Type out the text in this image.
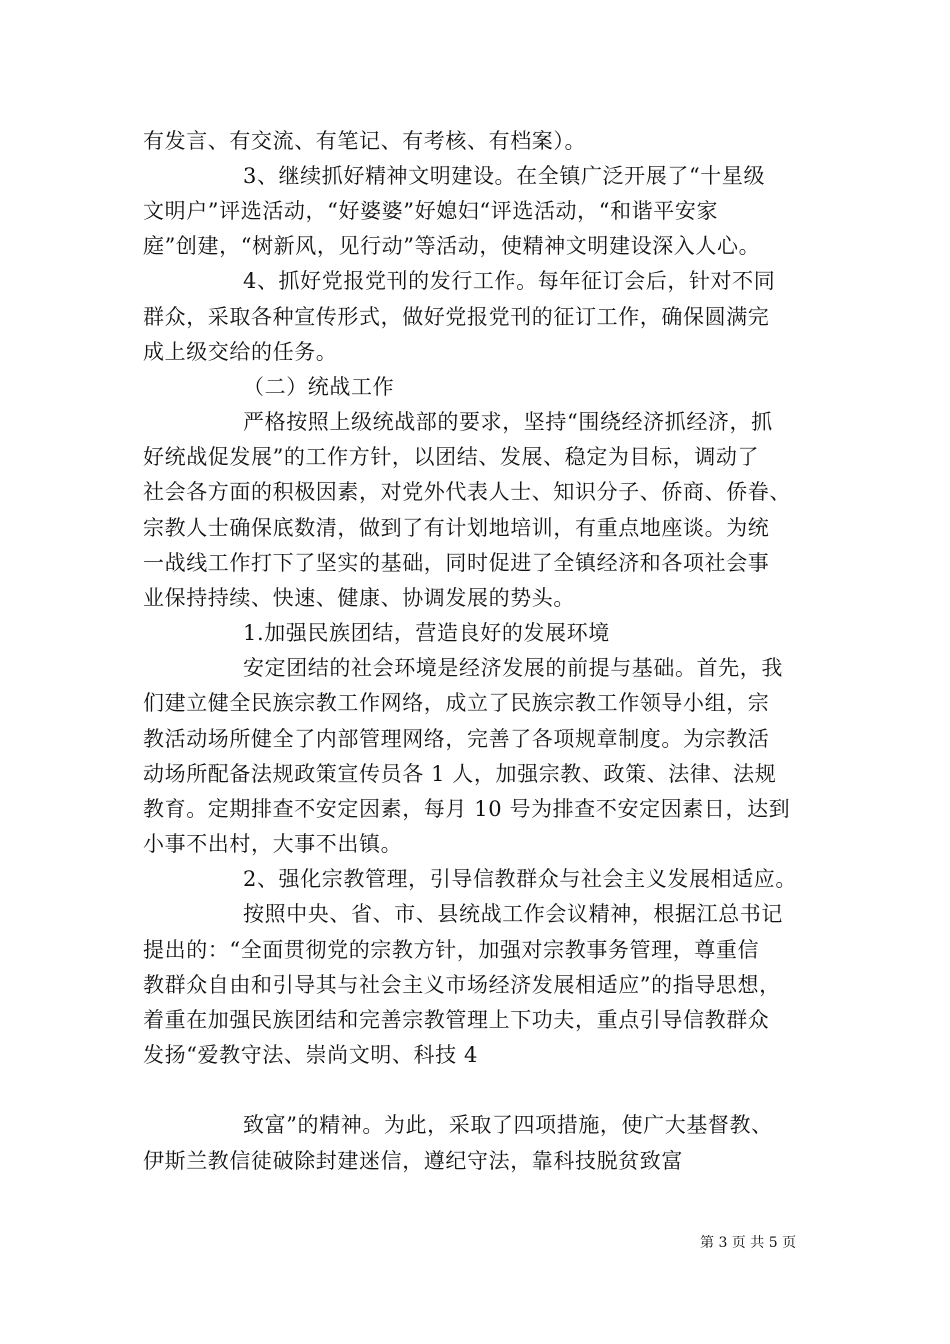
有发言、有交流、有笔记、有考核、有档案）。
3、继续抓好精神文明建设。在全镇广泛开展了“十星级
文明户”评选活动，“好婆婆”好媳妇“评选活动，“和谐平安家
庭”创建，“树新风，见行动”等活动，使精神文明建设深入人心。
4、抓好党报党刊的发行工作。每年征订会后，针对不同
群众，采取各种宣传形式，做好党报党刊的征订工作，确保圆满完
成上级交给的任务。
（二）统战工作
严格按照上级统战部的要求，坚持“围绕经济抓经济，抓
好统战促发展”的工作方针，以团结、发展、稳定为目标，调动了
社会各方面的积极因素，对党外代表人士、知识分子、侨商、侨眷、
宗教人士确保底数清，做到了有计划地培训，有重点地座谈。为统
一战线工作打下了坚实的基础，同时促进了全镇经济和各项社会事
业保持持续、快速、健康、协调发展的势头。
1.加强民族团结，营造良好的发展环境
安定团结的社会环境是经济发展的前提与基础。首先，我
们建立健全民族宗教工作网络，成立了民族宗教工作领导小组，宗
教活动场所健全了内部管理网络，完善了各项规章制度。为宗教活
动场所配备法规政策宣传员各 1 人，加强宗教、政策、法律、法规
教育。定期排查不安定因素，每月 10 号为排查不安定因素日，达到
小事不出村，大事不出镇。
2、强化宗教管理，引导信教群众与社会主义发展相适应。
按照中央、省、市、县统战工作会议精神，根据江总书记
提出的：“全面贯彻党的宗教方针，加强对宗教事务管理，尊重信
教群众自由和引导其与社会主义市场经济发展相适应”的指导思想，
着重在加强民族团结和完善宗教管理上下功夫，重点引导信教群众
发扬“爱教守法、崇尚文明、科技 4
致富”的精神。为此，采取了四项措施，使广大基督教、
伊斯兰教信徒破除封建迷信，遵纪守法，靠科技脱贫致富
第 3 页 共 5 页
